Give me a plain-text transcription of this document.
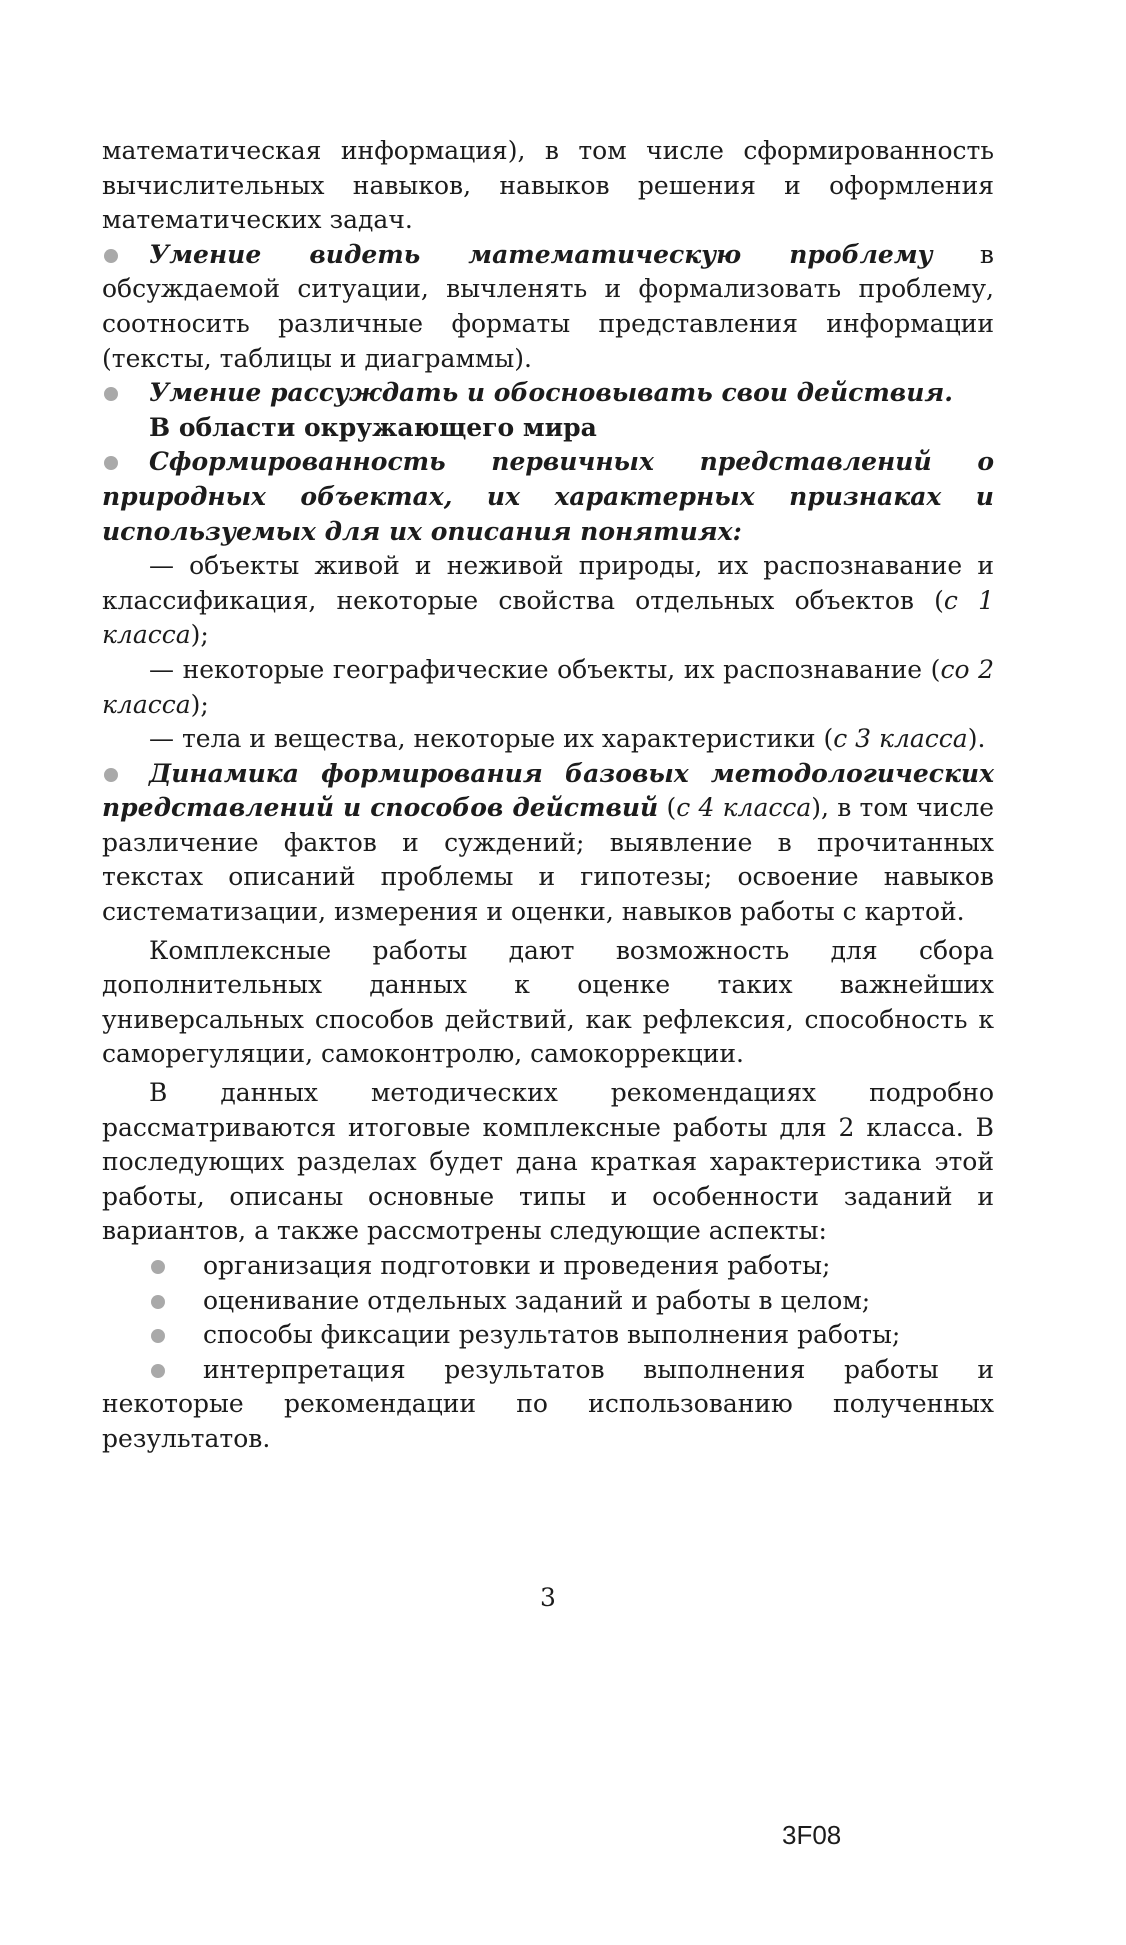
математическая информация), в том числе сформированность вычислительных навыков, навыков решения и оформления математических задач.

Умение видеть математическую проблему в обсуждаемой ситуации, вычленять и формализовать проблему, соотносить различные форматы представления информации (тексты, таблицы и диаграммы).

Умение рассуждать и обосновывать свои действия.

В области окружающего мира

Сформированность первичных представлений о природных объектах, их характерных признаках и используемых для их описания понятиях:

— объекты живой и неживой природы, их распознавание и классификация, некоторые свойства отдельных объектов (с 1 класса);

— некоторые географические объекты, их распознавание (со 2 класса);

— тела и вещества, некоторые их характеристики (с 3 класса).

Динамика формирования базовых методологических представлений и способов действий (с 4 класса), в том числе различение фактов и суждений; выявление в прочитанных текстах описаний проблемы и гипотезы; освоение навыков систематизации, измерения и оценки, навыков работы с картой.

Комплексные работы дают возможность для сбора дополнительных данных к оценке таких важнейших универсальных способов действий, как рефлексия, способность к саморегуляции, самоконтролю, самокоррекции.

В данных методических рекомендациях подробно рассматриваются итоговые комплексные работы для 2 класса. В последующих разделах будет дана краткая характеристика этой работы, описаны основные типы и особенности заданий и вариантов, а также рассмотрены следующие аспекты:

организация подготовки и проведения работы;

оценивание отдельных заданий и работы в целом;

способы фиксации результатов выполнения работы;

интерпретация результатов выполнения работы и некоторые рекомендации по использованию полученных результатов.

3
3F08
